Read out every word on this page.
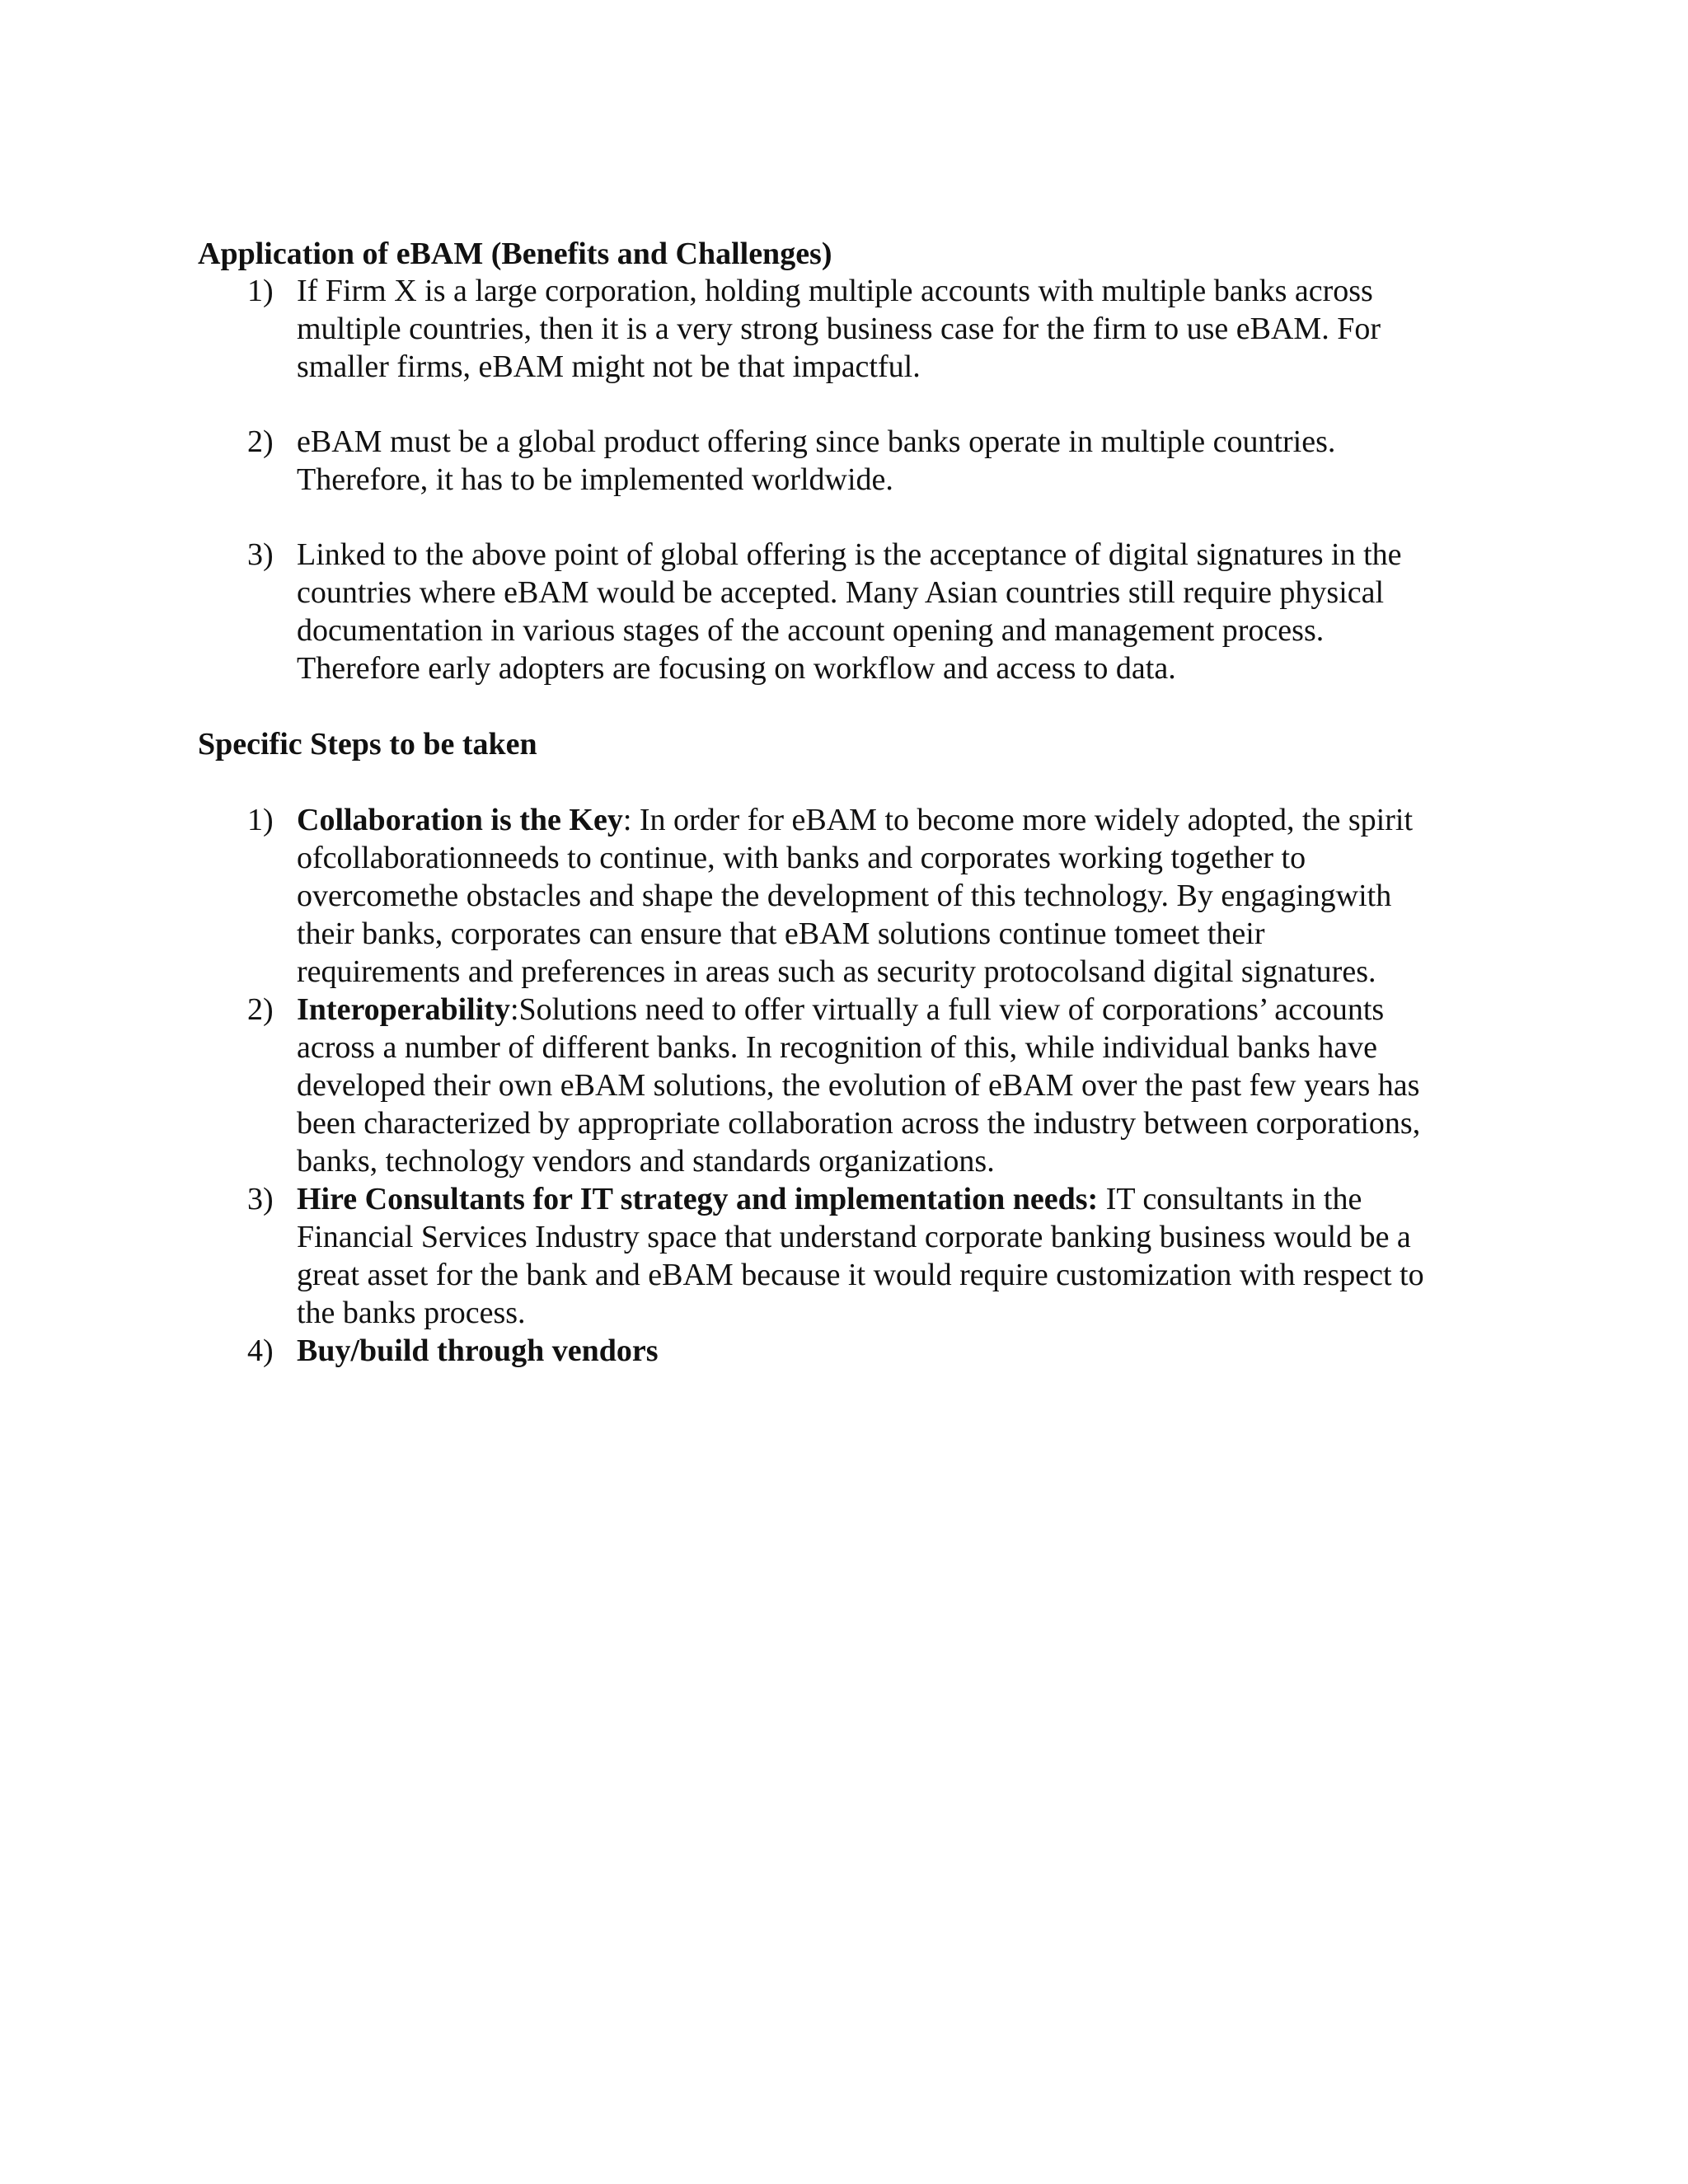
Application of eBAM (Benefits and Challenges)
1) If Firm X is a large corporation, holding multiple accounts with multiple banks across
multiple countries, then it is a very strong business case for the firm to use eBAM. For
smaller firms, eBAM might not be that impactful.
2) eBAM must be a global product offering since banks operate in multiple countries.
Therefore, it has to be implemented worldwide.
3) Linked to the above point of global offering is the acceptance of digital signatures in the
countries where eBAM would be accepted. Many Asian countries still require physical
documentation in various stages of the account opening and management process.
Therefore early adopters are focusing on workflow and access to data.
Specific Steps to be taken
1) Collaboration is the Key: In order for eBAM to become more widely adopted, the spirit
ofcollaborationneeds to continue, with banks and corporates working together to
overcomethe obstacles and shape the development of this technology. By engagingwith
their banks, corporates can ensure that eBAM solutions continue tomeet their
requirements and preferences in areas such as security protocolsand digital signatures.
2) Interoperability:Solutions need to offer virtually a full view of corporations’ accounts
across a number of different banks. In recognition of this, while individual banks have
developed their own eBAM solutions, the evolution of eBAM over the past few years has
been characterized by appropriate collaboration across the industry between corporations,
banks, technology vendors and standards organizations.
3) Hire Consultants for IT strategy and implementation needs: IT consultants in the
Financial Services Industry space that understand corporate banking business would be a
great asset for the bank and eBAM because it would require customization with respect to
the banks process.
4) Buy/build through vendors
